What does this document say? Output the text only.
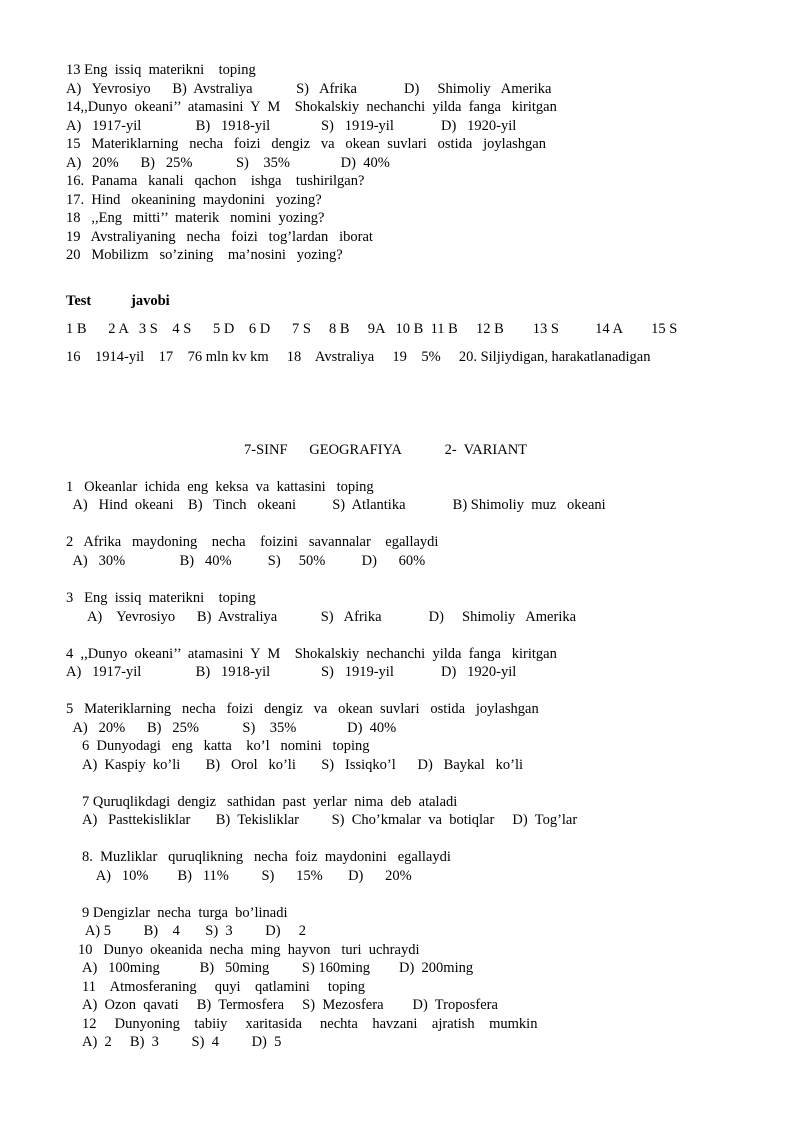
13 Eng  issiq  materikni    toping
A)   Yevrosiyo      B)  Avstraliya            S)   Afrika             D)     Shimoliy   Amerika
14,,Dunyo  okeani’’  atamasini  Y  M    Shokalskiy  nechanchi  yilda  fanga   kiritgan
A)   1917-yil               B)   1918-yil              S)   1919-yil             D)   1920-yil
15   Materiklarning   necha   foizi   dengiz   va   okean  suvlari   ostida   joylashgan
A)   20%      B)   25%            S)    35%              D)  40%
16.  Panama   kanali   qachon    ishga    tushirilgan?
17.  Hind   okeanining  maydonini   yozing?
18   ,,Eng   mitti’’  materik   nomini  yozing?
19   Avstraliyaning   necha   foizi   tog’lardan   iborat
20   Mobilizm   so’zining    ma’nosini   yozing?
Test	javobi
1 B      2 A   3 S    4 S      5 D    6 D      7 S     8 B     9A   10 B  11 B     12 B        13 S          14 A        15 S
16    1914-yil    17    76 mln kv km     18    Avstraliya     19    5%     20. Siljiydigan, harakatlanadigan
7-SINF      GEOGRAFIYA            2-  VARIANT
1   Okeanlar  ichida  eng  keksa  va  kattasini   toping
A)   Hind  okeani    B)   Tinch   okeani          S)  Atlantika             B) Shimoliy  muz   okeani
2   Afrika   maydoning    necha    foizini   savannalar    egallaydi
A)   30%               B)   40%          S)     50%          D)      60%
3   Eng  issiq  materikni    toping
A)    Yevrosiyo      B)  Avstraliya            S)   Afrika             D)     Shimoliy   Amerika
4  ,,Dunyo  okeani’’  atamasini  Y  M    Shokalskiy  nechanchi  yilda  fanga   kiritgan
A)   1917-yil               B)   1918-yil              S)   1919-yil             D)   1920-yil
5   Materiklarning   necha   foizi   dengiz   va   okean  suvlari   ostida   joylashgan
A)   20%      B)   25%            S)    35%              D)  40%
6  Dunyodagi   eng   katta    ko’l   nomini   toping
A)  Kaspiy  ko’li       B)   Orol   ko’li       S)   Issiqko’l      D)   Baykal   ko’li
7 Quruqlikdagi  dengiz   sathidan  past  yerlar  nima  deb  ataladi
A)   Pasttekisliklar       B)  Tekisliklar         S)  Cho’kmalar  va  botiqlar     D)  Tog’lar
8.  Muzliklar   quruqlikning   necha  foiz  maydonini   egallaydi
A)   10%        B)   11%         S)      15%       D)      20%
9 Dengizlar  necha  turga  bo’linadi
A) 5         B)    4       S)  3         D)     2
10   Dunyo  okeanida  necha  ming  hayvon   turi  uchraydi
A)   100ming           B)   50ming         S) 160ming        D)  200ming
11    Atmosferaning     quyi    qatlamini     toping
A)  Ozon  qavati     B)  Termosfera     S)  Mezosfera        D)  Troposfera
12     Dunyoning    tabiiy     xaritasida     nechta    havzani    ajratish    mumkin
A)  2     B)  3         S)  4         D)  5
